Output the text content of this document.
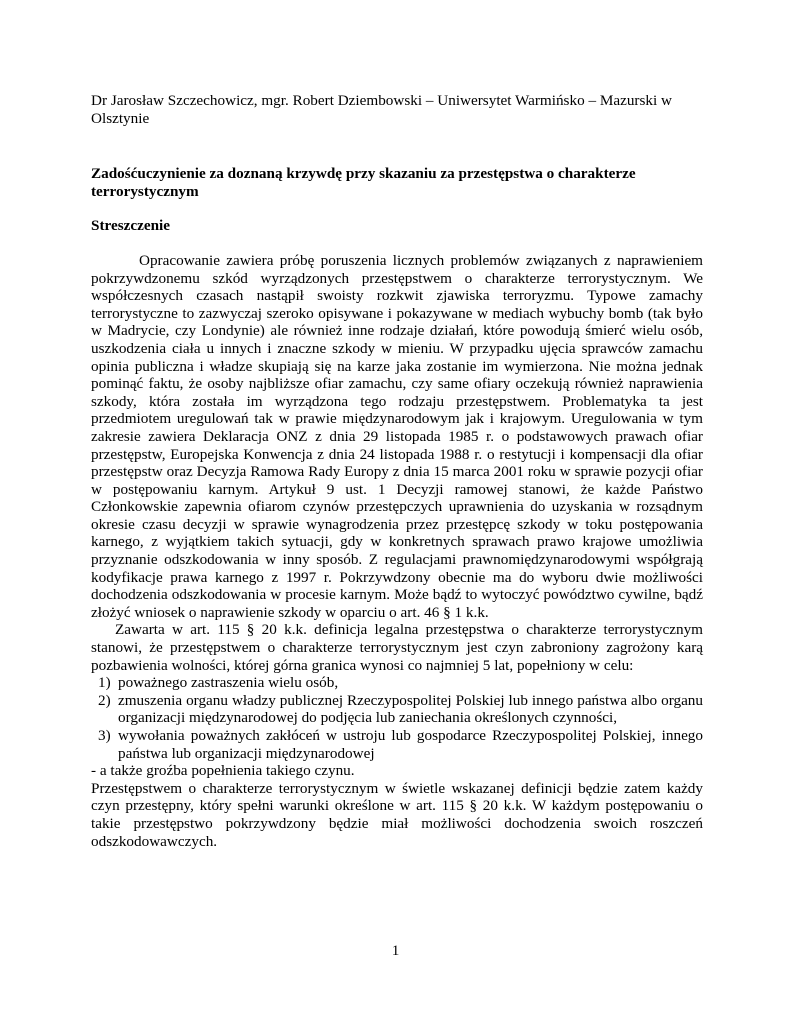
Dr Jarosław Szczechowicz, mgr. Robert Dziembowski – Uniwersytet Warmińsko – Mazurski w Olsztynie

Zadośćuczynienie za doznaną krzywdę przy skazaniu za przestępstwa o charakterze terrorystycznym

Streszczenie

Opracowanie zawiera próbę poruszenia licznych problemów związanych z naprawieniem pokrzywdzonemu szkód wyrządzonych przestępstwem o charakterze terrorystycznym. We współczesnych czasach nastąpił swoisty rozkwit zjawiska terroryzmu. Typowe zamachy terrorystyczne to zazwyczaj szeroko opisywane i pokazywane w mediach wybuchy bomb (tak było w Madrycie, czy Londynie) ale również inne rodzaje działań, które powodują śmierć wielu osób, uszkodzenia ciała u innych i znaczne szkody w mieniu. W przypadku ujęcia sprawców zamachu opinia publiczna i władze skupiają się na karze jaka zostanie im wymierzona. Nie można jednak pominąć faktu, że osoby najbliższe ofiar zamachu, czy same ofiary oczekują również naprawienia szkody, która została im wyrządzona tego rodzaju przestępstwem. Problematyka ta jest przedmiotem uregulowań tak w prawie międzynarodowym jak i krajowym. Uregulowania w tym zakresie zawiera Deklaracja ONZ z dnia 29 listopada 1985 r. o podstawowych prawach ofiar przestępstw, Europejska Konwencja z dnia 24 listopada 1988 r. o restytucji i kompensacji dla ofiar przestępstw oraz Decyzja Ramowa Rady Europy z dnia 15 marca 2001 roku w sprawie pozycji ofiar w postępowaniu karnym. Artykuł 9 ust. 1 Decyzji ramowej stanowi, że każde Państwo Członkowskie zapewnia ofiarom czynów przestępczych uprawnienia do uzyskania w rozsądnym okresie czasu decyzji w sprawie wynagrodzenia przez przestępcę szkody w toku postępowania karnego, z wyjątkiem takich sytuacji, gdy w konkretnych sprawach prawo krajowe umożliwia przyznanie odszkodowania w inny sposób. Z regulacjami prawnomiędzynarodowymi współgrają kodyfikacje prawa karnego z 1997 r. Pokrzywdzony obecnie ma do wyboru dwie możliwości dochodzenia odszkodowania w procesie karnym. Może bądź to wytoczyć powództwo cywilne, bądź złożyć wniosek o naprawienie szkody w oparciu o art. 46 § 1 k.k.

Zawarta w art. 115 § 20 k.k. definicja legalna przestępstwa o charakterze terrorystycznym stanowi, że przestępstwem o charakterze terrorystycznym jest czyn zabroniony zagrożony karą pozbawienia wolności, której górna granica wynosi co najmniej 5 lat, popełniony w celu:

1) poważnego zastraszenia wielu osób,
2) zmuszenia organu władzy publicznej Rzeczypospolitej Polskiej lub innego państwa albo organu organizacji międzynarodowej do podjęcia lub zaniechania określonych czynności,
3) wywołania poważnych zakłóceń w ustroju lub gospodarce Rzeczypospolitej Polskiej, innego państwa lub organizacji międzynarodowej

- a także groźba popełnienia takiego czynu.

Przestępstwem o charakterze terrorystycznym w świetle wskazanej definicji będzie zatem każdy czyn przestępny, który spełni warunki określone w art. 115 § 20 k.k. W każdym postępowaniu o takie przestępstwo pokrzywdzony będzie miał możliwości dochodzenia swoich roszczeń odszkodowawczych.

1
